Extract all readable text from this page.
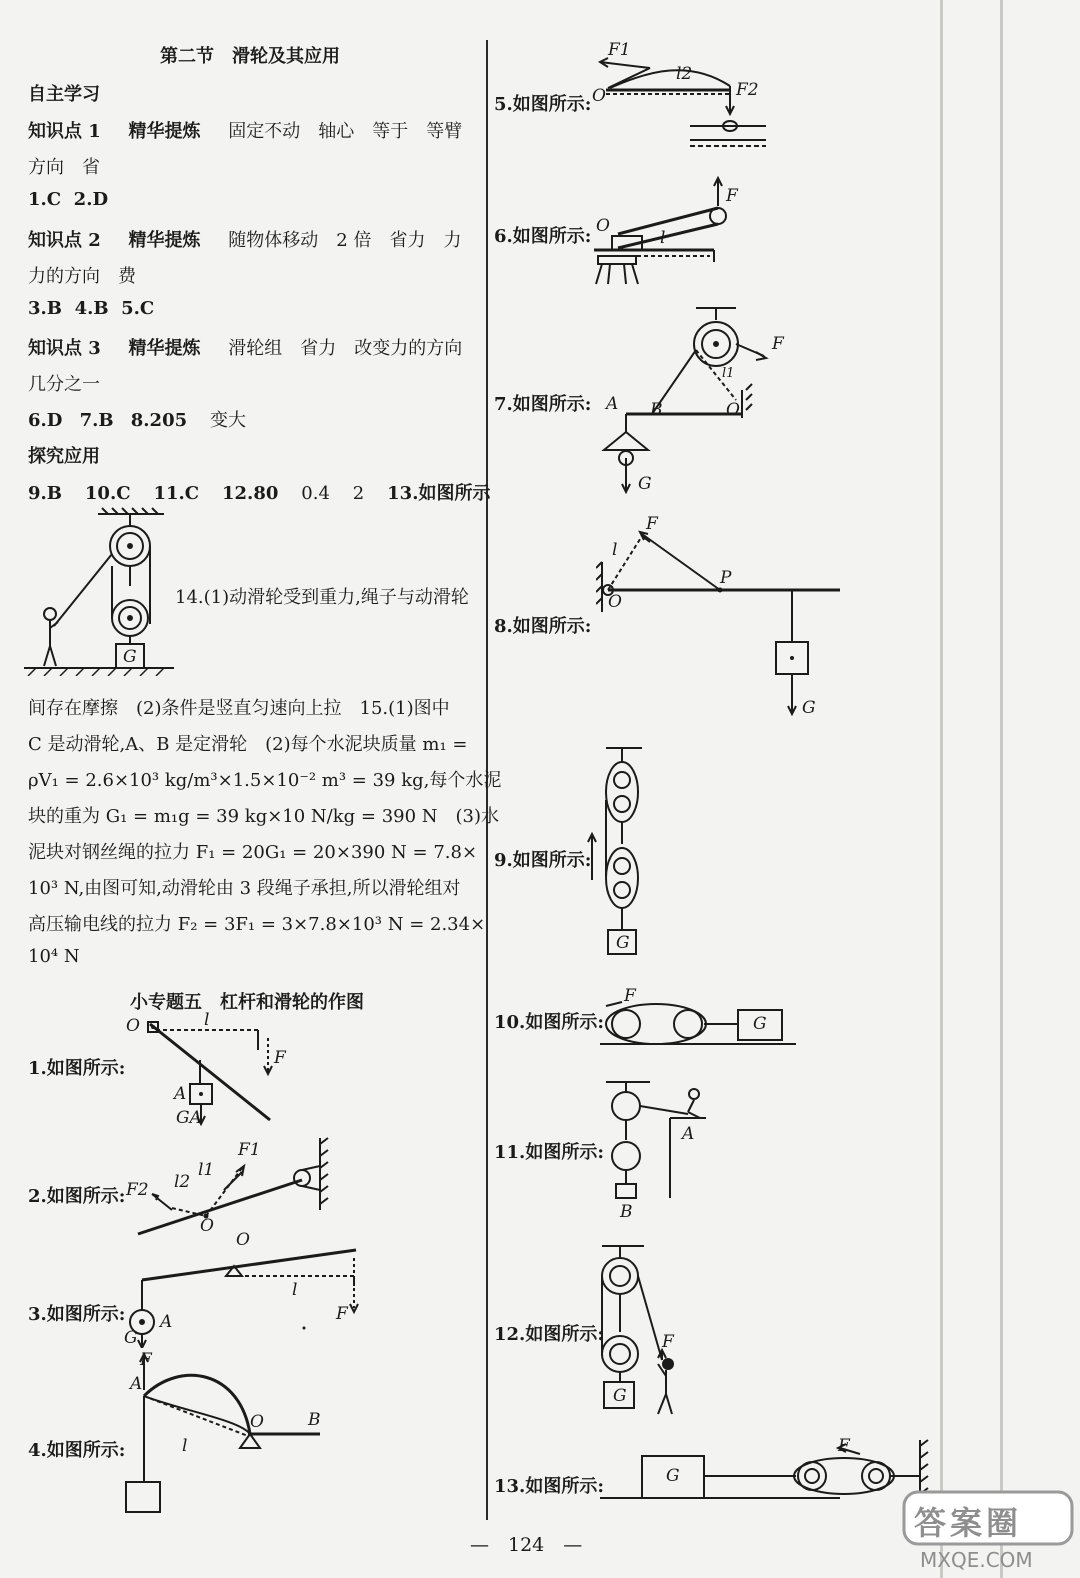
第二节　滑轮及其应用
自主学习
知识点 1 精华提炼 固定不动　轴心　等于　等臂
方向　省
1.C 2.D
知识点 2 精华提炼 随物体移动　2 倍　省力　力
力的方向　费
3.B 4.B 5.C
知识点 3 精华提炼 滑轮组　省力　改变力的方向
几分之一
6.D 7.B 8.205 变大
探究应用
9.B 10.C 11.C 12.80 0.4 2 13.如图所示
G
14.(1)动滑轮受到重力,绳子与动滑轮
间存在摩擦　(2)条件是竖直匀速向上拉　15.(1)图中
C 是动滑轮,A、B 是定滑轮　(2)每个水泥块质量 m₁ =
ρV₁ = 2.6×10³ kg/m³×1.5×10⁻² m³ = 39 kg,每个水泥
块的重为 G₁ = m₁g = 39 kg×10 N/kg = 390 N　(3)水
泥块对钢丝绳的拉力 F₁ = 20G₁ = 20×390 N = 7.8×
10³ N,由图可知,动滑轮由 3 段绳子承担,所以滑轮组对
高压输电线的拉力 F₂ = 3F₁ = 3×7.8×10³ N = 2.34×
10⁴ N
小专题五　杠杆和滑轮的作图
1.如图所示:
O	l
F
A
GA
2.如图所示: F2 l2
l1
F1
O
3.如图所示:
O
l
A
G
F
4.如图所示:
F
A
O	B
l
5.如图所示:
F1
l2
F2
O
6.如图所示:
F
O
l
7.如图所示:
F
A B	O
l1
G
8.如图所示:
F
l
P
O
G
9.如图所示:
G
10.如图所示:
F
G
11.如图所示:
A
B
12.如图所示:	F
G
13.如图所示:	G
F
—　124　—
答案圈
MXQE.COM
